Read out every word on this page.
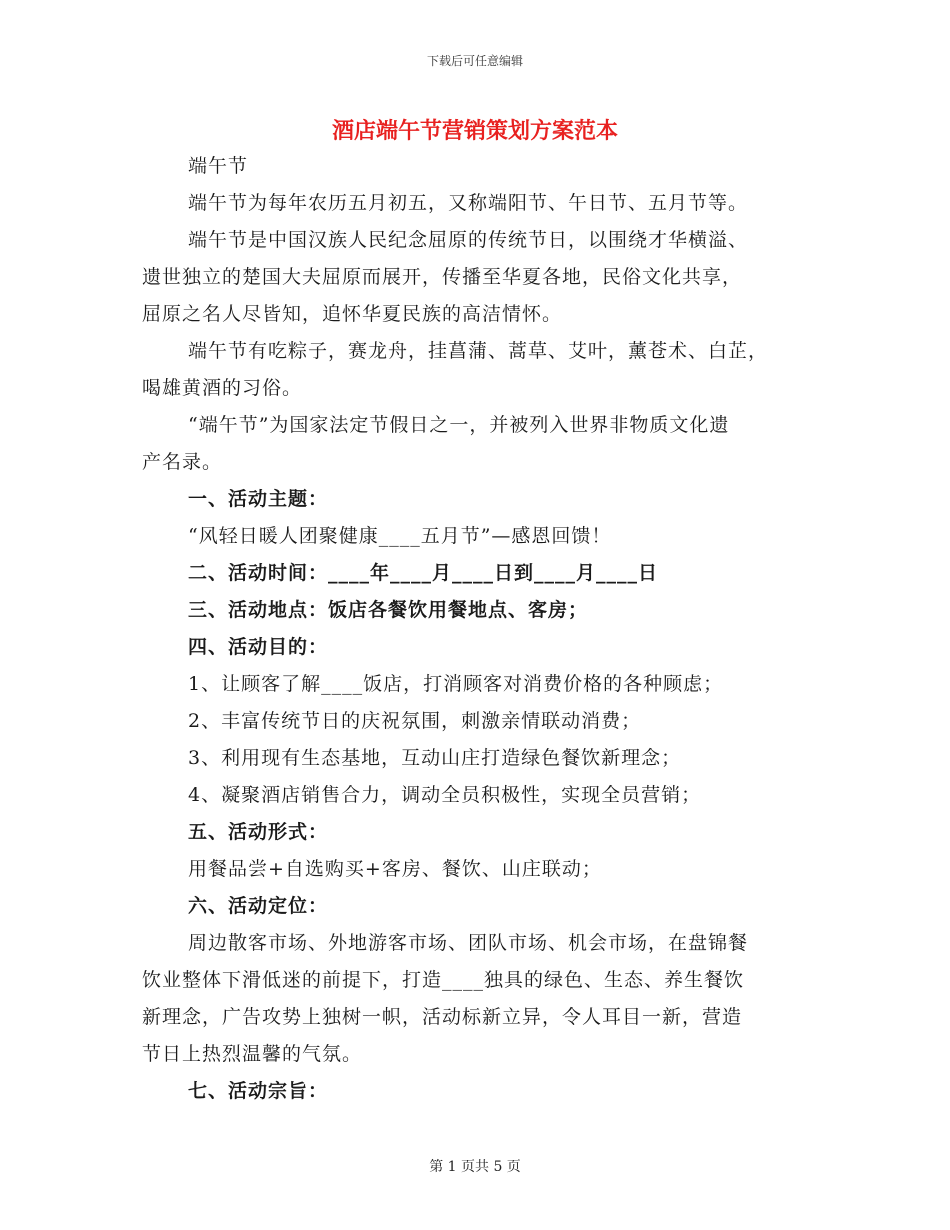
下载后可任意编辑
酒店端午节营销策划方案范本
端午节
端午节为每年农历五月初五，又称端阳节、午日节、五月节等。
端午节是中国汉族人民纪念屈原的传统节日，以围绕才华横溢、
遗世独立的楚国大夫屈原而展开，传播至华夏各地，民俗文化共享，
屈原之名人尽皆知，追怀华夏民族的高洁情怀。
端午节有吃粽子，赛龙舟，挂菖蒲、蒿草、艾叶，薰苍术、白芷，
喝雄黄酒的习俗。
“端午节”为国家法定节假日之一，并被列入世界非物质文化遗
产名录。
一、活动主题：
“风轻日暖人团聚健康____五月节”—感恩回馈！
二、活动时间：____年____月____日到____月____日
三、活动地点：饭店各餐饮用餐地点、客房；
四、活动目的：
1、让顾客了解____饭店，打消顾客对消费价格的各种顾虑；
2、丰富传统节日的庆祝氛围，刺激亲情联动消费；
3、利用现有生态基地，互动山庄打造绿色餐饮新理念；
4、凝聚酒店销售合力，调动全员积极性，实现全员营销；
五、活动形式：
用餐品尝+自选购买+客房、餐饮、山庄联动；
六、活动定位：
周边散客市场、外地游客市场、团队市场、机会市场，在盘锦餐
饮业整体下滑低迷的前提下，打造____独具的绿色、生态、养生餐饮
新理念，广告攻势上独树一帜，活动标新立异，令人耳目一新，营造
节日上热烈温馨的气氛。
七、活动宗旨：
第 1 页共 5 页
